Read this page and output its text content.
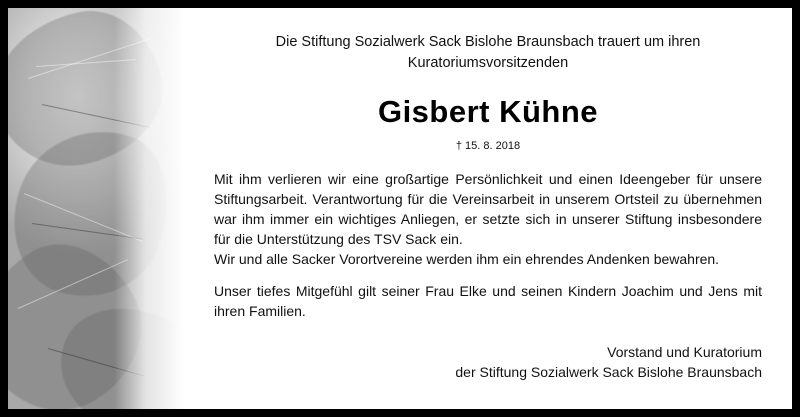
Die Stiftung Sozialwerk Sack Bislohe Braunsbach trauert um ihren Kuratoriumsvorsitzenden
Gisbert Kühne
† 15. 8. 2018

Mit ihm verlieren wir eine großartige Persönlichkeit und einen Ideengeber für unsere Stiftungsarbeit. Verantwortung für die Vereinsarbeit in unserem Ortsteil zu übernehmen war ihm immer ein wichtiges Anliegen, er setzte sich in unserer Stiftung insbesondere für die Unterstützung des TSV Sack ein.

Wir und alle Sacker Vorortvereine werden ihm ein ehrendes Andenken bewahren.

Unser tiefes Mitgefühl gilt seiner Frau Elke und seinen Kindern Joachim und Jens mit ihren Familien.

Vorstand und Kuratorium
der Stiftung Sozialwerk Sack Bislohe Braunsbach
